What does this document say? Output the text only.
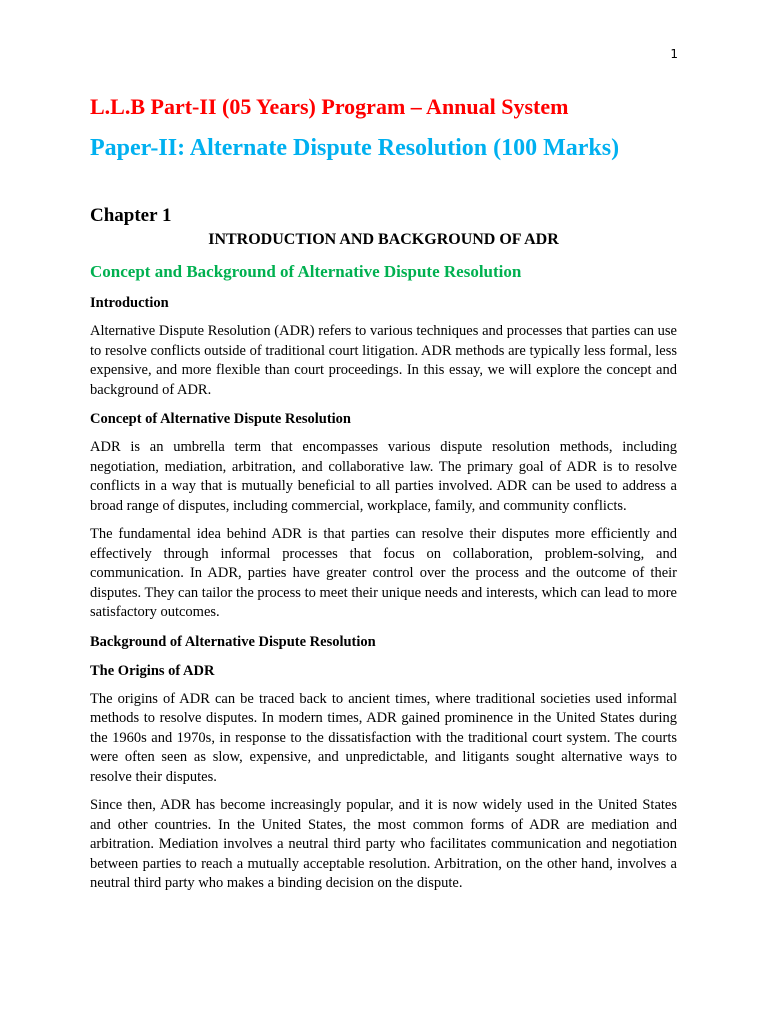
1
L.L.B Part-II (05 Years) Program – Annual System
Paper-II: Alternate Dispute Resolution (100 Marks)
Chapter 1
INTRODUCTION AND BACKGROUND OF ADR
Concept and Background of Alternative Dispute Resolution
Introduction

Alternative Dispute Resolution (ADR) refers to various techniques and processes that parties can use to resolve conflicts outside of traditional court litigation. ADR methods are typically less formal, less expensive, and more flexible than court proceedings. In this essay, we will explore the concept and background of ADR.

Concept of Alternative Dispute Resolution

ADR is an umbrella term that encompasses various dispute resolution methods, including negotiation, mediation, arbitration, and collaborative law. The primary goal of ADR is to resolve conflicts in a way that is mutually beneficial to all parties involved. ADR can be used to address a broad range of disputes, including commercial, workplace, family, and community conflicts.

The fundamental idea behind ADR is that parties can resolve their disputes more efficiently and effectively through informal processes that focus on collaboration, problem-solving, and communication. In ADR, parties have greater control over the process and the outcome of their disputes. They can tailor the process to meet their unique needs and interests, which can lead to more satisfactory outcomes.

Background of Alternative Dispute Resolution
The Origins of ADR

The origins of ADR can be traced back to ancient times, where traditional societies used informal methods to resolve disputes. In modern times, ADR gained prominence in the United States during the 1960s and 1970s, in response to the dissatisfaction with the traditional court system. The courts were often seen as slow, expensive, and unpredictable, and litigants sought alternative ways to resolve their disputes.

Since then, ADR has become increasingly popular, and it is now widely used in the United States and other countries. In the United States, the most common forms of ADR are mediation and arbitration. Mediation involves a neutral third party who facilitates communication and negotiation between parties to reach a mutually acceptable resolution. Arbitration, on the other hand, involves a neutral third party who makes a binding decision on the dispute.
